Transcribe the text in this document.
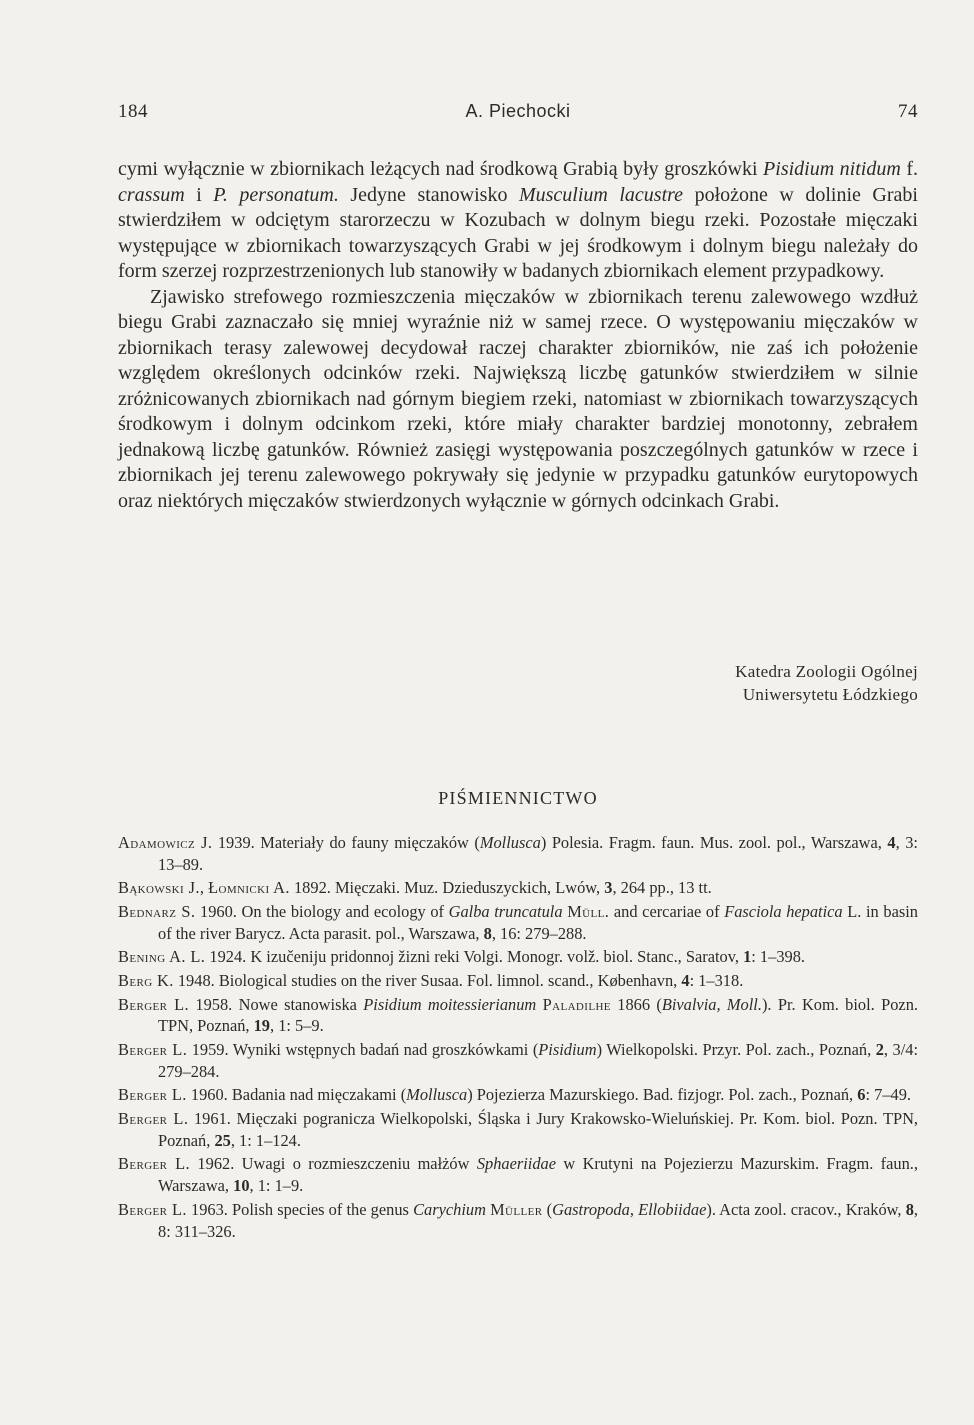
184	A. Piechocki	74

cymi wyłącznie w zbiornikach leżących nad środkową Grabią były groszkówki Pisidium nitidum f. crassum i P. personatum. Jedyne stanowisko Musculium lacustre położone w dolinie Grabi stwierdziłem w odciętym starorzeczu w Kozubach w dolnym biegu rzeki. Pozostałe mięczaki występujące w zbiornikach towarzyszących Grabi w jej środkowym i dolnym biegu należały do form szerzej rozprzestrzenionych lub stanowiły w badanych zbiornikach element przypadkowy.

Zjawisko strefowego rozmieszczenia mięczaków w zbiornikach terenu zalewowego wzdłuż biegu Grabi zaznaczało się mniej wyraźnie niż w samej rzece. O występowaniu mięczaków w zbiornikach terasy zalewowej decydował raczej charakter zbiorników, nie zaś ich położenie względem określonych odcinków rzeki. Największą liczbę gatunków stwierdziłem w silnie zróżnicowanych zbiornikach nad górnym biegiem rzeki, natomiast w zbiornikach towarzyszących środkowym i dolnym odcinkom rzeki, które miały charakter bardziej monotonny, zebrałem jednakową liczbę gatunków. Również zasięgi występowania poszczególnych gatunków w rzece i zbiornikach jej terenu zalewowego pokrywały się jedynie w przypadku gatunków eurytopowych oraz niektórych mięczaków stwierdzonych wyłącznie w górnych odcinkach Grabi.

Katedra Zoologii Ogólnej
Uniwersytetu Łódzkiego
PIŚMIENNICTWO
Adamowicz J. 1939. Materiały do fauny mięczaków (Mollusca) Polesia. Fragm. faun. Mus. zool. pol., Warszawa, 4, 3: 13–89.
Bąkowski J., Łomnicki A. 1892. Mięczaki. Muz. Dzieduszyckich, Lwów, 3, 264 pp., 13 tt.
Bednarz S. 1960. On the biology and ecology of Galba truncatula Müll. and cercariae of Fasciola hepatica L. in basin of the river Barycz. Acta parasit. pol., Warszawa, 8, 16: 279–288.
Bening A. L. 1924. K izučeniju pridonnoj žizni reki Volgi. Monogr. volž. biol. Stanc., Saratov, 1: 1–398.
Berg K. 1948. Biological studies on the river Susaa. Fol. limnol. scand., København, 4: 1–318.
Berger L. 1958. Nowe stanowiska Pisidium moitessierianum Paladilhe 1866 (Bivalvia, Moll.). Pr. Kom. biol. Pozn. TPN, Poznań, 19, 1: 5–9.
Berger L. 1959. Wyniki wstępnych badań nad groszkówkami (Pisidium) Wielkopolski. Przyr. Pol. zach., Poznań, 2, 3/4: 279–284.
Berger L. 1960. Badania nad mięczakami (Mollusca) Pojezierza Mazurskiego. Bad. fizjogr. Pol. zach., Poznań, 6: 7–49.
Berger L. 1961. Mięczaki pogranicza Wielkopolski, Śląska i Jury Krakowsko-Wieluńskiej. Pr. Kom. biol. Pozn. TPN, Poznań, 25, 1: 1–124.
Berger L. 1962. Uwagi o rozmieszczeniu małżów Sphaeriidae w Krutyni na Pojezierzu Mazurskim. Fragm. faun., Warszawa, 10, 1: 1–9.
Berger L. 1963. Polish species of the genus Carychium Müller (Gastropoda, Ellobiidae). Acta zool. cracov., Kraków, 8, 8: 311–326.
